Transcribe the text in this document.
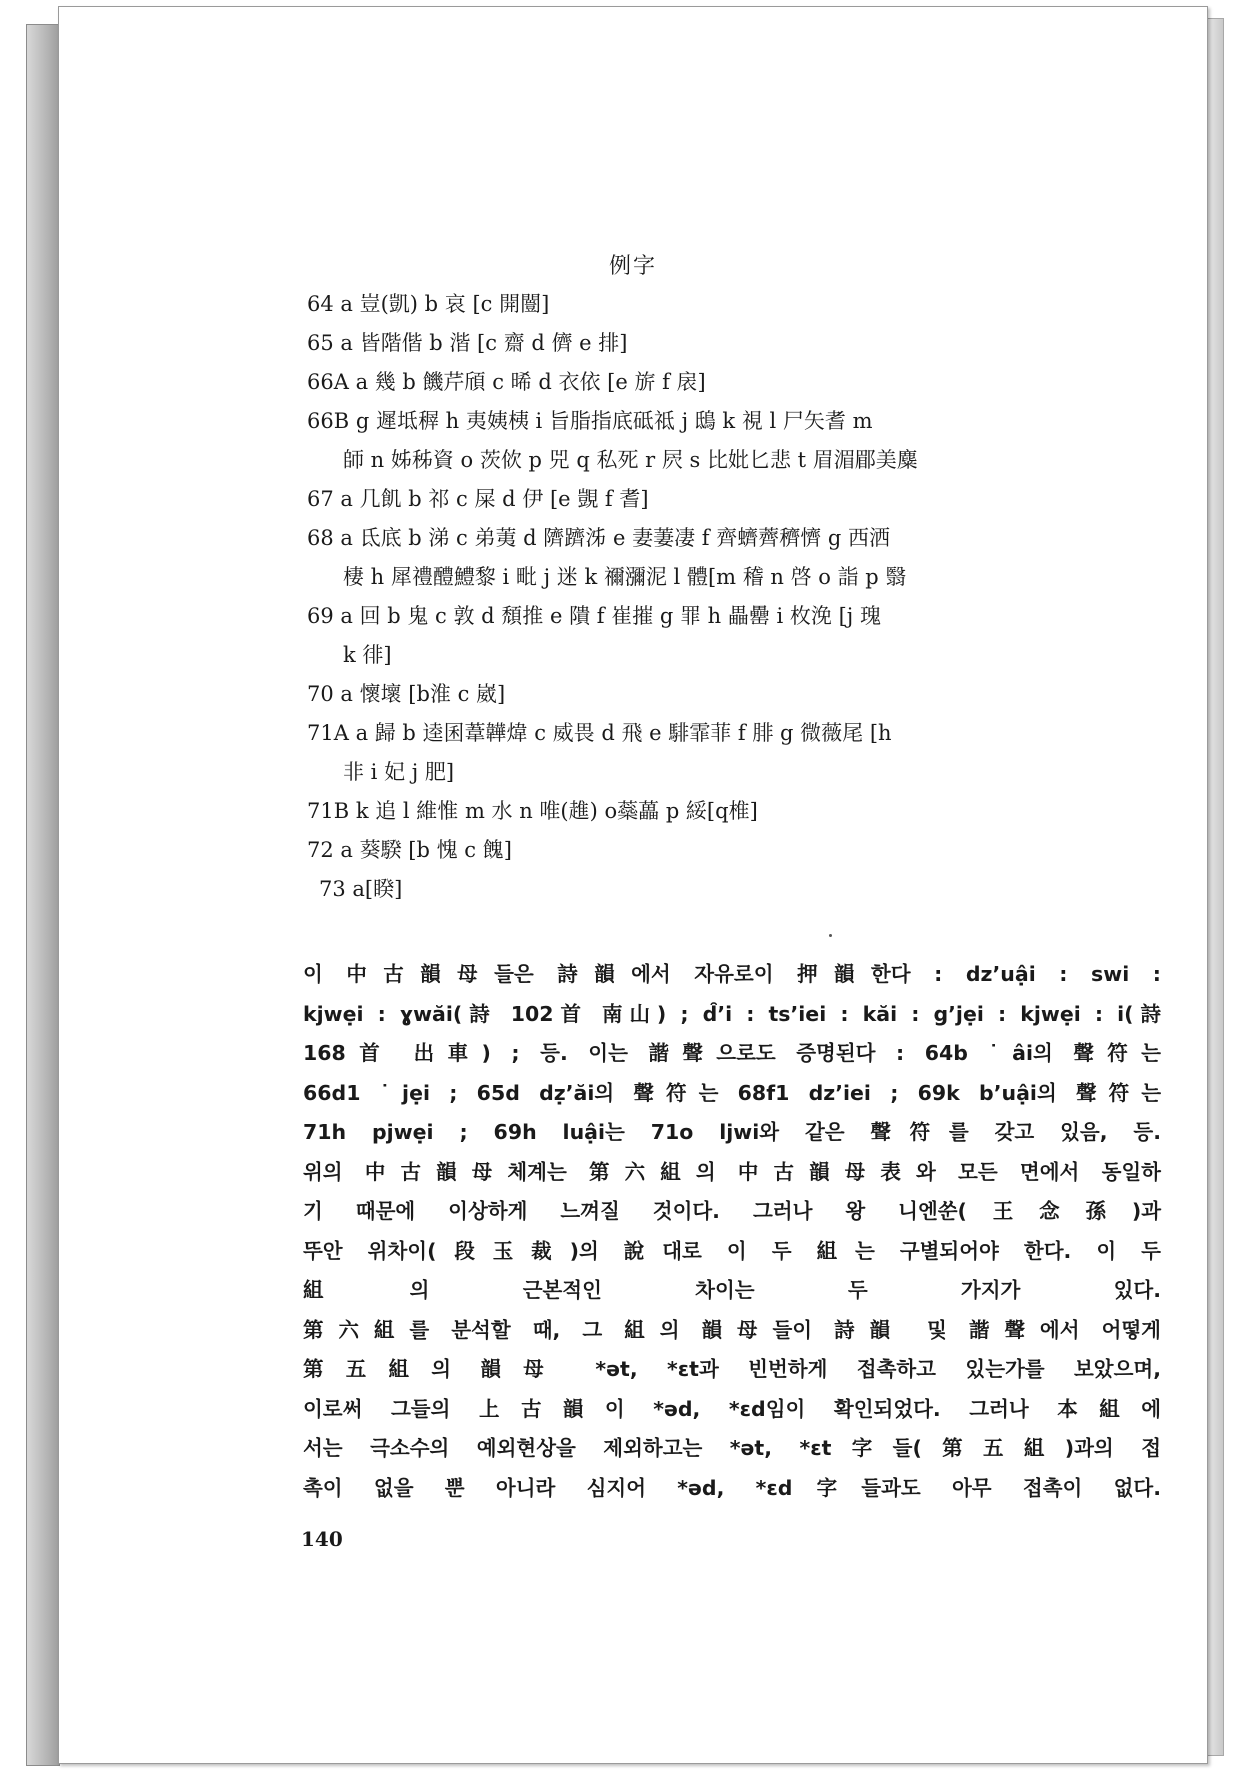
例字
64 a 豈(凱) b 哀 [c 開闓]
65 a 皆階偕 b 湝 [c 齋 d 儕 e 排]
66A a 幾 b 饑芹頎 c 晞 d 衣依 [e 旂 f 扆]
66B g 遲坻稺 h 夷姨桋 i 旨脂指底砥祗 j 鴟 k 視 l 尸矢耆 m
師 n 姊秭資 o 茨佽 p 兕 q 私死 r 屄 s 比妣匕悲 t 眉湄郿美麋
67 a 几飢 b 祁 c 屎 d 伊 [e 覬 f 耆]
68 a 氐底 b 涕 c 弟荑 d 隮躋泲 e 妻萋凄 f 齊蠐薺穧懠 g 西洒
棲 h 犀禮醴鱧黎 i 毗 j 迷 k 禰瀰泥 l 體[m 稽 n 啓 o 詣 p 翳
69 a 回 b 鬼 c 敦 d 頹推 e 隤 f 崔摧 g 罪 h 畾罍 i 枚浼 [j 瑰
k 徘]
70 a 懷壞 [b淮 c 崴]
71A a 歸 b 逵囷葦韡煒 c 威畏 d 飛 e 騑霏菲 f 腓 g 微薇尾 [h
非 i 妃 j 肥]
71B k 追 l 維惟 m 水 n 唯(趡) o蘂藟 p 綏[q椎]
72 a 葵騤 [b 愧 c 餽]
73 a[睽]

이 中古韻母들은 詩韻에서 자유로이 押韻한다 : dz’uậi : swi :
kjwẹi : ɣwăi(詩 102首 南山) ; d̑’i : ts’iei : kăi : g’jẹi : kjwẹi : i(詩
168首 出車) ; 등. 이는 諧聲으로도 증명된다 : 64b ˙âi의 聲符는
66d1 ˙jẹi ; 65d dẓ’ăi의 聲符는 68f1 dz’iei ; 69k b’uậi의 聲符는
71h pjwẹi ; 69h luậi는 71o ljwi와 같은 聲符를 갖고 있음, 등.

위의 中古韻母체계는 第六組의 中古韻母表와 모든 면에서 동일하
기 때문에 이상하게 느껴질 것이다. 그러나 왕 니엔쑨(王念孫)과
뚜안 위차이(段玉裁)의 說대로 이 두 組는 구별되어야 한다. 이 두
組의 근본적인 차이는 두 가지가 있다.

第六組를 분석할 때, 그 組의 韻母들이 詩韻 및 諧聲에서 어떻게
第五組의 韻母 *ət, *ɛt과 빈번하게 접촉하고 있는가를 보았으며,
이로써 그들의 上古韻이 *əd, *ɛd임이 확인되었다. 그러나 本組에
서는 극소수의 예외현상을 제외하고는 *ət, *ɛt字들(第五組)과의 접
촉이 없을 뿐 아니라 심지어 *əd, *ɛd字들과도 아무 접촉이 없다.

140
